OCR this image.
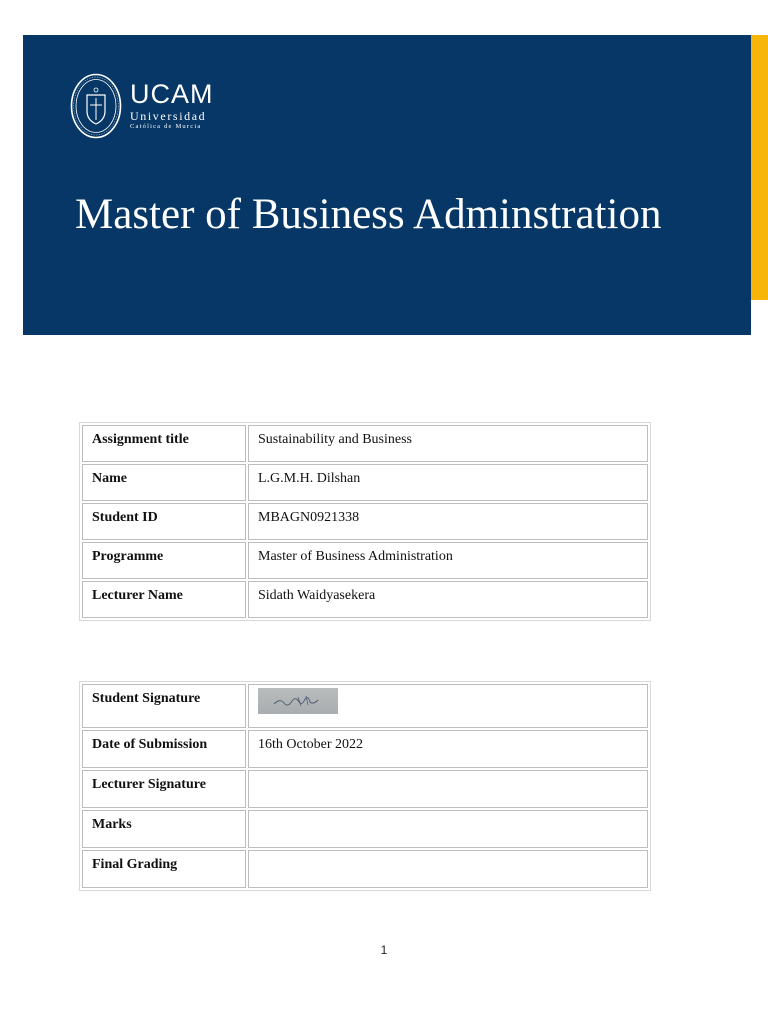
UCAM
Universidad
Católica de Murcia
Master of Business Adminstration
Assignment title	Sustainability and Business
Name	L.G.M.H. Dilshan
Student ID	MBAGN0921338
Programme	Master of Business Administration
Lecturer Name	Sidath Waidyasekera
Student Signature	

Date of Submission	16th October 2022
Lecturer Signature	
Marks	
Final Grading	
1
